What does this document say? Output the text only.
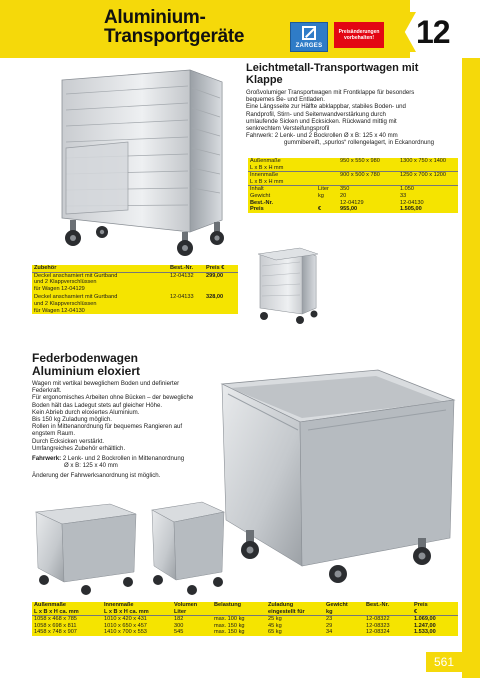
Aluminium-
Transportgeräte	ZARGES
Preisänderungen
vorbehalten!	12
Leichtmetall-Transportwagen mit
Klappe

Großvolumiger Transportwagen mit Frontklappe für besonders

bequemes Be- und Entladen.

Eine Längsseite zur Hälfte abklappbar, stabiles Boden- und

Randprofil, Stirn- und Seitenwandverstärkung durch

umlaufende Sicken und Ecksicken. Rückwand mittig mit

senkrechtem Versteifungsprofil

Fahrwerk: 2 Lenk- und 2 Bockrollen Ø x B: 125 x 40 mm

gummibereift, „spurlos“ rollengelagert, in Eckanordnung

Außenmaße		950 x 550 x 980	1300 x 750 x 1400
L x B x H mm			
Innenmaße		900 x 500 x 780	1250 x 700 x 1200
L x B x H mm			
Inhalt	Liter	350	1.050
Gewicht	kg	20	33
Best.-Nr.		12-04129	12-04130
Preis	€	955,00	1.505,00
Zubehör	Best.-Nr.	Preis €

Deckel anscharniert mit Gurtband
und 2 Klappverschlüssen
für Wagen 12-04129	12-04132	299,00

Deckel anscharniert mit Gurtband
und 2 Klappverschlüssen
für Wagen 12-04130	12-04133	328,00
Federbodenwagen
Aluminium eloxiert

Wagen mit vertikal beweglichem Boden und definierter

Federkraft.

Für ergonomisches Arbeiten ohne Bücken – der bewegliche

Boden hält das Ladegut stets auf gleicher Höhe.

Kein Abrieb durch eloxiertes Aluminium.

Bis 150 kg Zuladung möglich.

Rollen in Mittenanordnung für bequemes Rangieren auf

engstem Raum.

Durch Ecksicken verstärkt.

Umfangreiches Zubehör erhältlich.

Fahrwerk: 2 Lenk- und 2 Bockrollen in Mittenanordnung

Ø x B: 125 x 40 mm

Änderung der Fahrwerksanordnung ist möglich.

Außenmaße	Innenmaße	Volumen	Belastung	Zuladung	Gewicht	Best.-Nr.	Preis
L x B x H ca. mm	L x B x H ca. mm	Liter		eingestellt für	kg		€
1058 x 468 x 785	1010 x 420 x 431	182	max. 100 kg	25 kg	23	12-08322	1.069,00
1058 x 698 x 811	1010 x 650 x 457	300	max. 150 kg	45 kg	29	12-08323	1.247,00
1458 x 748 x 907	1410 x 700 x 553	545	max. 150 kg	65 kg	34	12-08324	1.533,00
561
